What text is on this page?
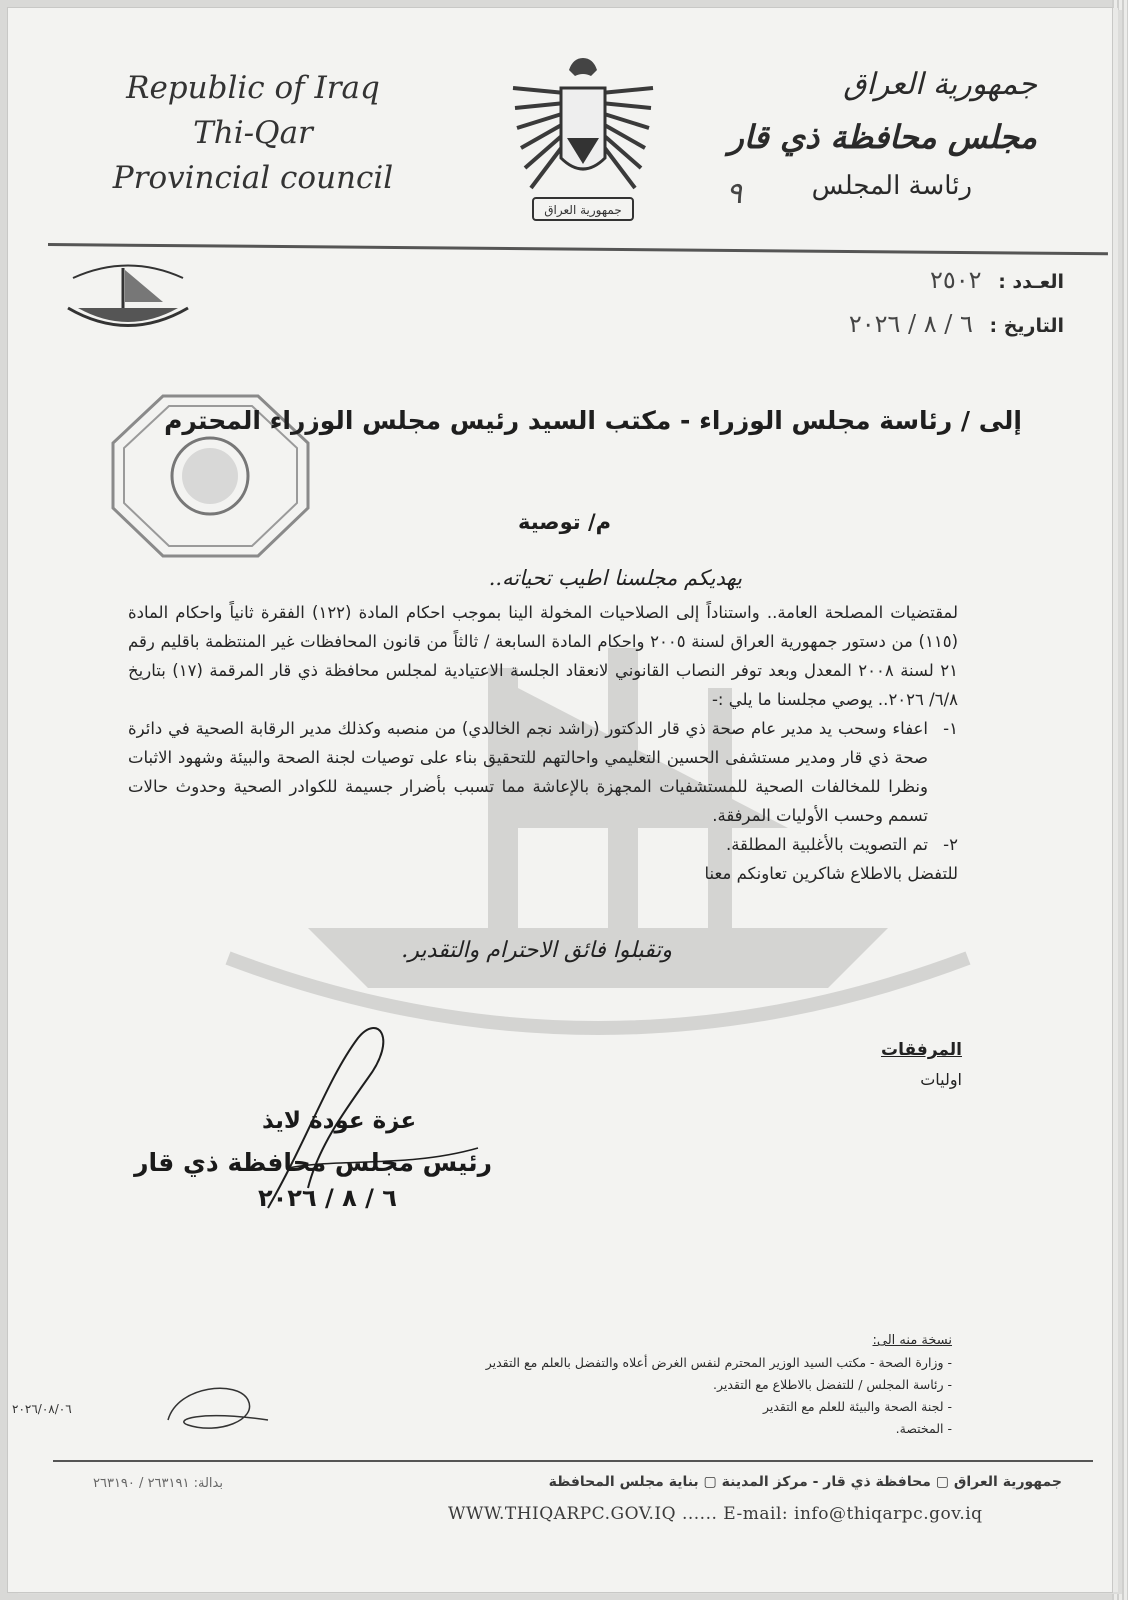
Republic of Iraq
Thi-Qar
Provincial council
جمهورية العراق
جمهورية العراق
مجلس محافظة ذي قار
رئاسة المجلس
٩
العـدد : ٢٥٠٢
التاريخ : ٦ / ٨ / ٢٠٢٦
إلى / رئاسة مجلس الوزراء - مكتب السيد رئيس مجلس الوزراء المحترم
م/ توصية
يهديكم مجلسنا اطيب تحياته..

لمقتضيات المصلحة العامة.. واستناداً إلى الصلاحيات المخولة الينا بموجب احكام المادة (١٢٢) الفقرة ثانياً واحكام المادة (١١٥) من دستور جمهورية العراق لسنة ٢٠٠٥ واحكام المادة السابعة / ثالثاً من قانون المحافظات غير المنتظمة باقليم رقم ٢١ لسنة ٢٠٠٨ المعدل وبعد توفر النصاب القانوني لانعقاد الجلسة الاعتيادية لمجلس محافظة ذي قار المرقمة (١٧) بتاريخ ٦/٨/ ٢٠٢٦.. يوصي مجلسنا ما يلي :-

١-
اعفاء وسحب يد مدير عام صحة ذي قار الدكتور (راشد نجم الخالدي) من منصبه وكذلك مدير الرقابة الصحية في دائرة صحة ذي قار ومدير مستشفى الحسين التعليمي واحالتهم للتحقيق بناء على توصيات لجنة الصحة والبيئة وشهود الاثبات ونظرا للمخالفات الصحية للمستشفيات المجهزة بالإعاشة مما تسبب بأضرار جسيمة للكوادر الصحية وحدوث حالات تسمم وحسب الأوليات المرفقة.
٢-
تم التصويت بالأغلبية المطلقة.

للتفضل بالاطلاع شاكرين تعاونكم معنا

وتقبلوا فائق الاحترام والتقدير.
المرفقات
اوليات
عزة عودة لايذ
رئيس مجلس محافظة ذي قار
٦ / ٨ / ٢٠٢٦
نسخة منه الى:
- وزارة الصحة - مكتب السيد الوزير المحترم لنفس الغرض أعلاه والتفضل بالعلم مع التقدير
- رئاسة المجلس / للتفضل بالاطلاع مع التقدير.
- لجنة الصحة والبيئة للعلم مع التقدير
- المختصة.
٢٠٢٦/٠٨/٠٦
جمهورية العراق ▢ محافظة ذي قار - مركز المدينة ▢ بناية مجلس المحافظة
بدالة: ٢٦٣١٩١ / ٢٦٣١٩٠
WWW.THIQARPC.GOV.IQ ...... E-mail: info@thiqarpc.gov.iq
